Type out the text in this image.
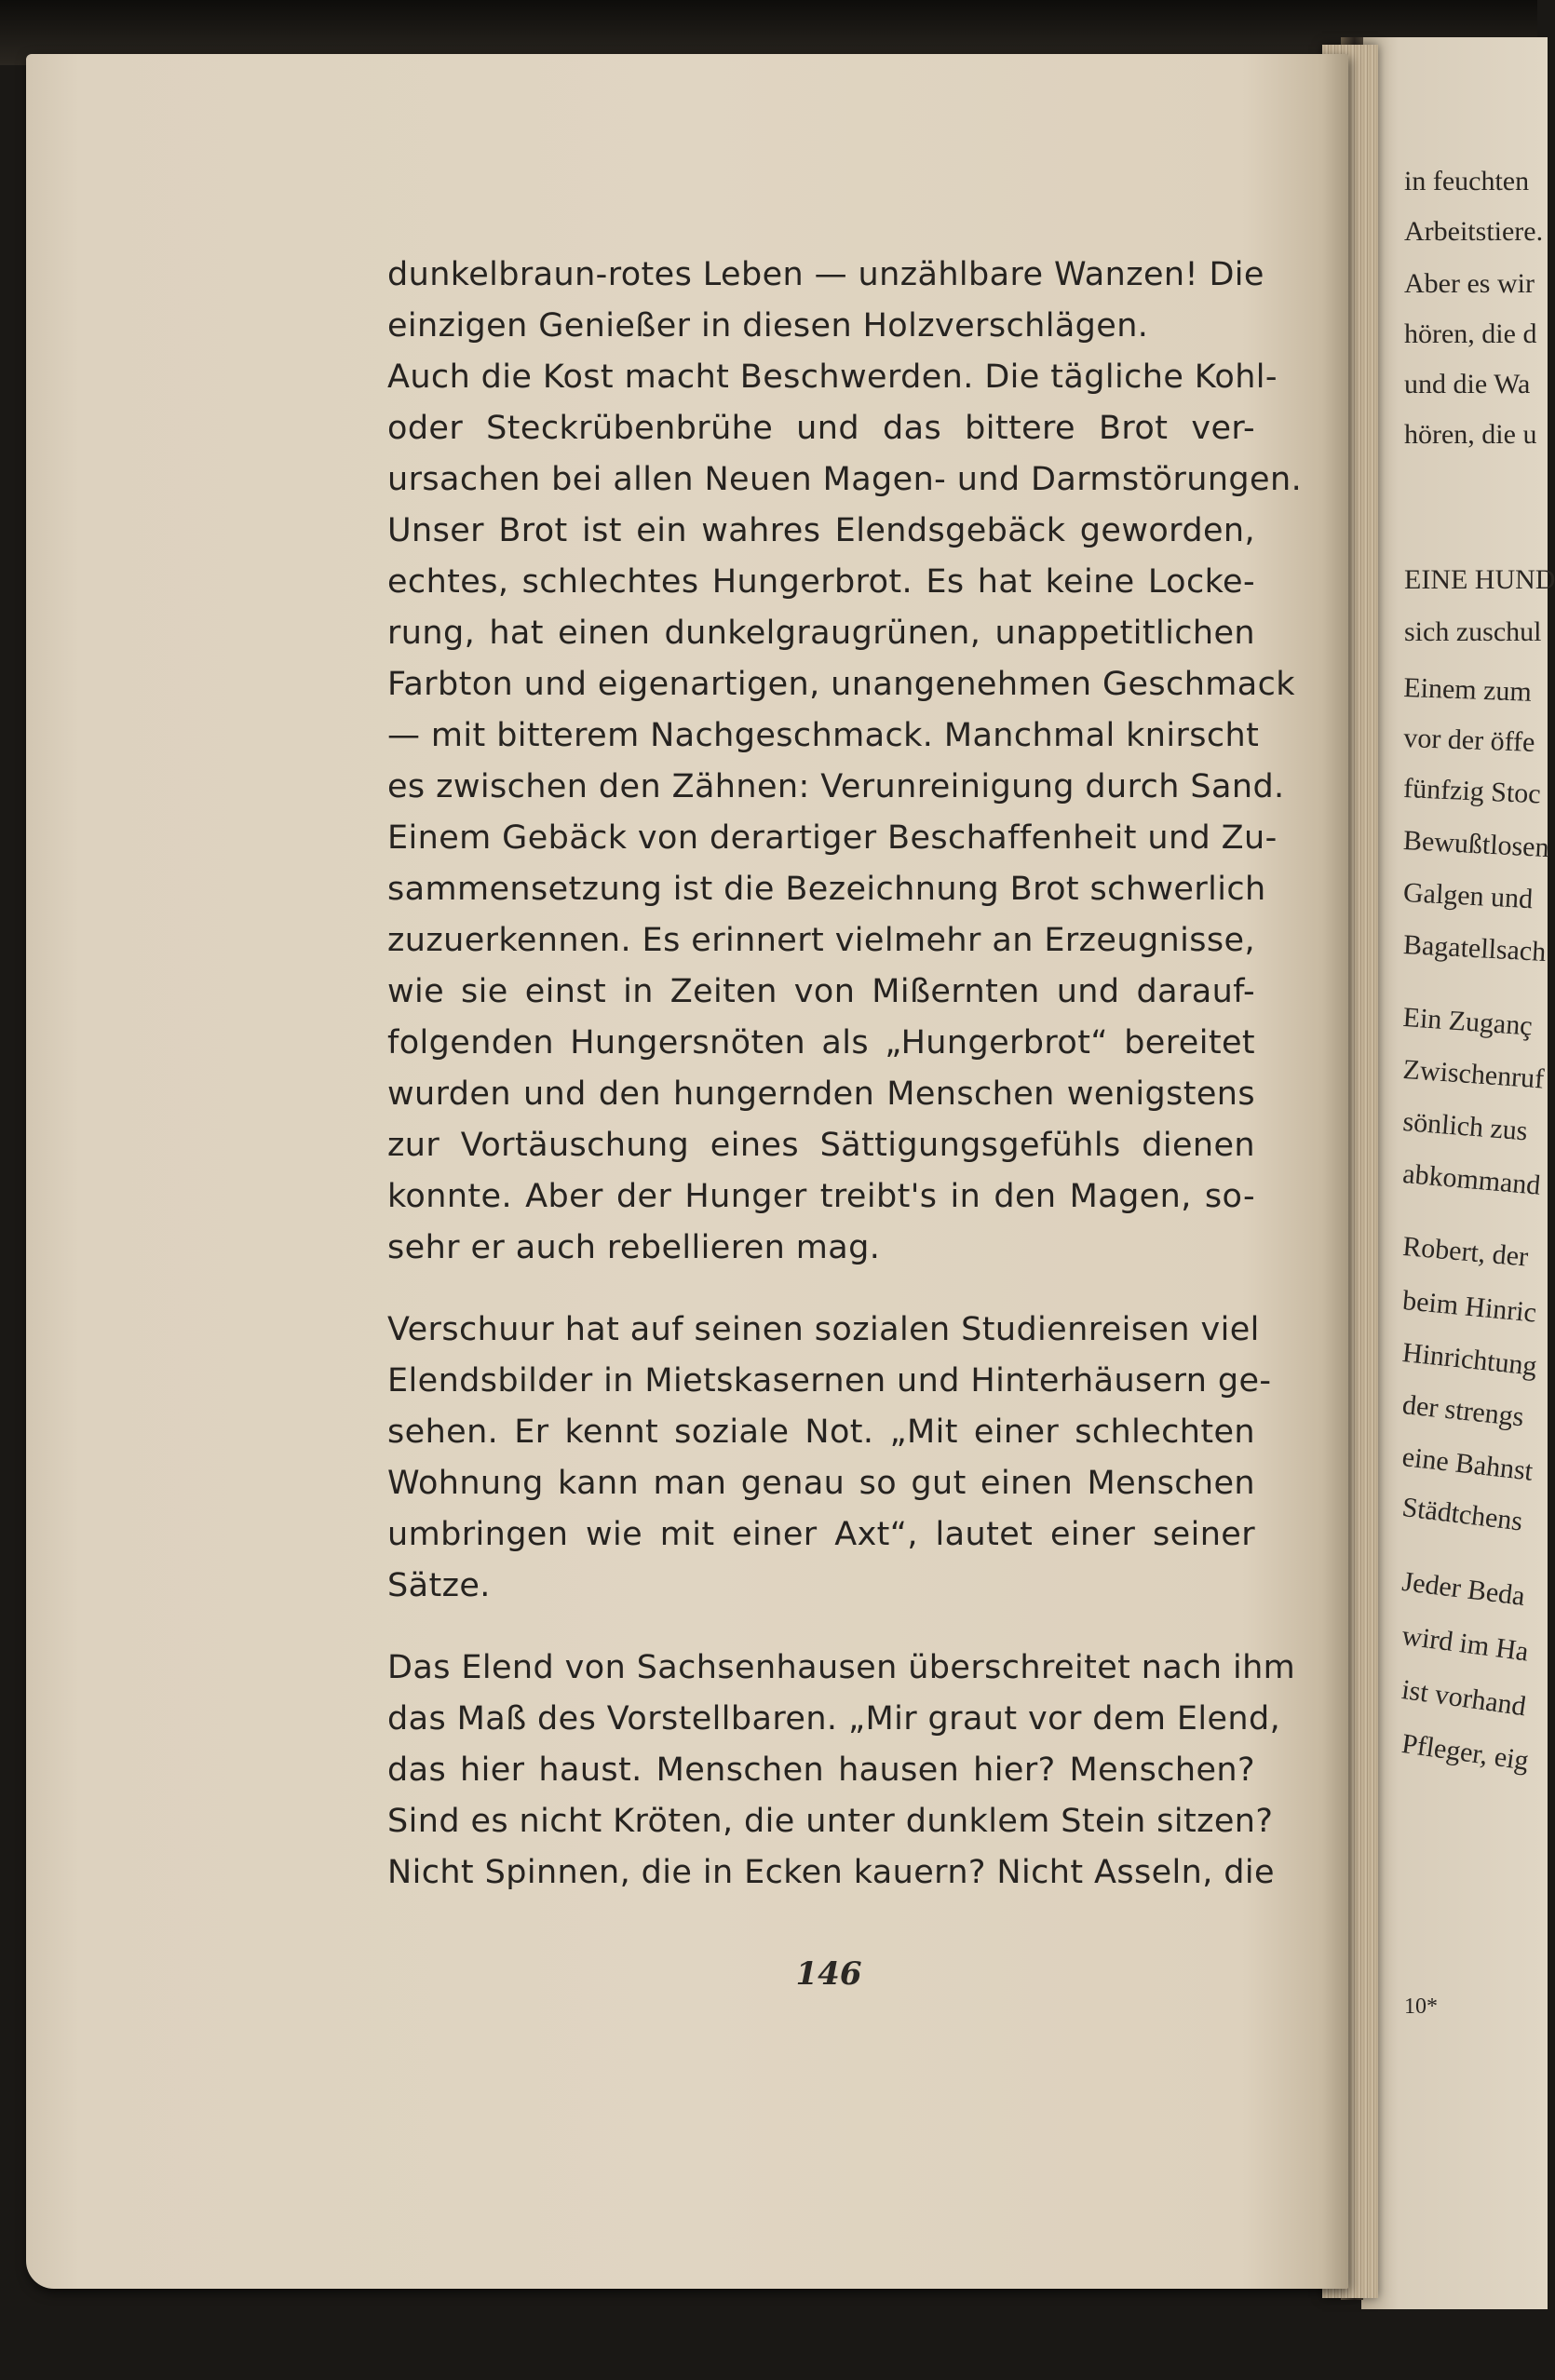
in feuchten
Arbeitstiere.
Aber es wir
hören, die d
und die Wa
hören, die u
EINE HUND
sich zuschul
Einem zum
vor der öffe
fünfzig Stoc
Bewußtlosen
Galgen und
Bagatellsach
Ein Zuganç
Zwischenruf
sönlich zus
abkommand
Robert, der
beim Hinric
Hinrichtung
der strengs
eine Bahnst
Städtchens
Jeder Beda
wird im Ha
ist vorhand
Pfleger, eig
10*
dunkelbraun-rotes Leben — unzählbare Wanzen! Die
einzigen Genießer in diesen Holzverschlägen.
Auch die Kost macht Beschwerden. Die tägliche Kohl-
oder Steckrübenbrühe und das bittere Brot ver-
ursachen bei allen Neuen Magen- und Darmstörungen.
Unser Brot ist ein wahres Elendsgebäck geworden,
echtes, schlechtes Hungerbrot. Es hat keine Locke-
rung, hat einen dunkelgraugrünen, unappetitlichen
Farbton und eigenartigen, unangenehmen Geschmack
— mit bitterem Nachgeschmack. Manchmal knirscht
es zwischen den Zähnen: Verunreinigung durch Sand.
Einem Gebäck von derartiger Beschaffenheit und Zu-
sammensetzung ist die Bezeichnung Brot schwerlich
zuzuerkennen. Es erinnert vielmehr an Erzeugnisse,
wie sie einst in Zeiten von Mißernten und darauf-
folgenden Hungersnöten als „Hungerbrot“ bereitet
wurden und den hungernden Menschen wenigstens
zur Vortäuschung eines Sättigungsgefühls dienen
konnte. Aber der Hunger treibt's in den Magen, so-
sehr er auch rebellieren mag.
Verschuur hat auf seinen sozialen Studienreisen viel
Elendsbilder in Mietskasernen und Hinterhäusern ge-
sehen. Er kennt soziale Not. „Mit einer schlechten
Wohnung kann man genau so gut einen Menschen
umbringen wie mit einer Axt“, lautet einer seiner
Sätze.
Das Elend von Sachsenhausen überschreitet nach ihm
das Maß des Vorstellbaren. „Mir graut vor dem Elend,
das hier haust. Menschen hausen hier? Menschen?
Sind es nicht Kröten, die unter dunklem Stein sitzen?
Nicht Spinnen, die in Ecken kauern? Nicht Asseln, die
146
